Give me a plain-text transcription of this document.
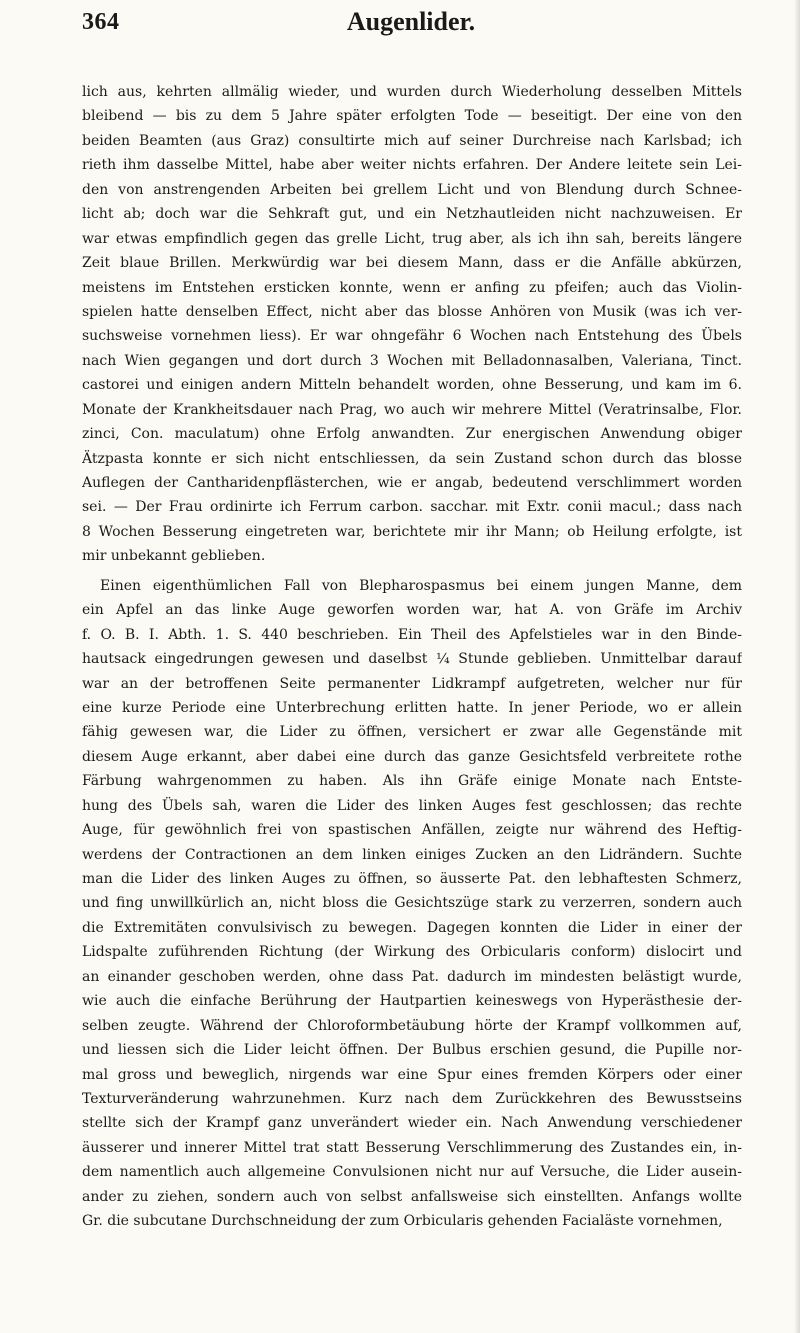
364	Augenlider.
lich aus, kehrten allmälig wieder, und wurden durch Wiederholung desselben Mittels
bleibend — bis zu dem 5 Jahre später erfolgten Tode — beseitigt. Der eine von den
beiden Beamten (aus Graz) consultirte mich auf seiner Durchreise nach Karlsbad; ich
rieth ihm dasselbe Mittel, habe aber weiter nichts erfahren. Der Andere leitete sein Lei-
den von anstrengenden Arbeiten bei grellem Licht und von Blendung durch Schnee-
licht ab; doch war die Sehkraft gut, und ein Netzhautleiden nicht nachzuweisen. Er
war etwas empfindlich gegen das grelle Licht, trug aber, als ich ihn sah, bereits längere
Zeit blaue Brillen. Merkwürdig war bei diesem Mann, dass er die Anfälle abkürzen,
meistens im Entstehen ersticken konnte, wenn er anfing zu pfeifen; auch das Violin-
spielen hatte denselben Effect, nicht aber das blosse Anhören von Musik (was ich ver-
suchsweise vornehmen liess). Er war ohngefähr 6 Wochen nach Entstehung des Übels
nach Wien gegangen und dort durch 3 Wochen mit Belladonnasalben, Valeriana, Tinct.
castorei und einigen andern Mitteln behandelt worden, ohne Besserung, und kam im 6.
Monate der Krankheitsdauer nach Prag, wo auch wir mehrere Mittel (Veratrinsalbe, Flor.
zinci, Con. maculatum) ohne Erfolg anwandten. Zur energischen Anwendung obiger
Ätzpasta konnte er sich nicht entschliessen, da sein Zustand schon durch das blosse
Auflegen der Cantharidenpflästerchen, wie er angab, bedeutend verschlimmert worden
sei. — Der Frau ordinirte ich Ferrum carbon. sacchar. mit Extr. conii macul.; dass nach
8 Wochen Besserung eingetreten war, berichtete mir ihr Mann; ob Heilung erfolgte, ist
mir unbekannt geblieben.
Einen eigenthümlichen Fall von Blepharospasmus bei einem jungen Manne, dem
ein Apfel an das linke Auge geworfen worden war, hat A. von Gräfe im Archiv
f. O. B. I. Abth. 1. S. 440 beschrieben. Ein Theil des Apfelstieles war in den Binde-
hautsack eingedrungen gewesen und daselbst ¼ Stunde geblieben. Unmittelbar darauf
war an der betroffenen Seite permanenter Lidkrampf aufgetreten, welcher nur für
eine kurze Periode eine Unterbrechung erlitten hatte. In jener Periode, wo er allein
fähig gewesen war, die Lider zu öffnen, versichert er zwar alle Gegenstände mit
diesem Auge erkannt, aber dabei eine durch das ganze Gesichtsfeld verbreitete rothe
Färbung wahrgenommen zu haben. Als ihn Gräfe einige Monate nach Entste-
hung des Übels sah, waren die Lider des linken Auges fest geschlossen; das rechte
Auge, für gewöhnlich frei von spastischen Anfällen, zeigte nur während des Heftig-
werdens der Contractionen an dem linken einiges Zucken an den Lidrändern. Suchte
man die Lider des linken Auges zu öffnen, so äusserte Pat. den lebhaftesten Schmerz,
und fing unwillkürlich an, nicht bloss die Gesichtszüge stark zu verzerren, sondern auch
die Extremitäten convulsivisch zu bewegen. Dagegen konnten die Lider in einer der
Lidspalte zuführenden Richtung (der Wirkung des Orbicularis conform) dislocirt und
an einander geschoben werden, ohne dass Pat. dadurch im mindesten belästigt wurde,
wie auch die einfache Berührung der Hautpartien keineswegs von Hyperästhesie der-
selben zeugte. Während der Chloroformbetäubung hörte der Krampf vollkommen auf,
und liessen sich die Lider leicht öffnen. Der Bulbus erschien gesund, die Pupille nor-
mal gross und beweglich, nirgends war eine Spur eines fremden Körpers oder einer
Texturveränderung wahrzunehmen. Kurz nach dem Zurückkehren des Bewusstseins
stellte sich der Krampf ganz unverändert wieder ein. Nach Anwendung verschiedener
äusserer und innerer Mittel trat statt Besserung Verschlimmerung des Zustandes ein, in-
dem namentlich auch allgemeine Convulsionen nicht nur auf Versuche, die Lider ausein-
ander zu ziehen, sondern auch von selbst anfallsweise sich einstellten. Anfangs wollte
Gr. die subcutane Durchschneidung der zum Orbicularis gehenden Facialäste vornehmen,
